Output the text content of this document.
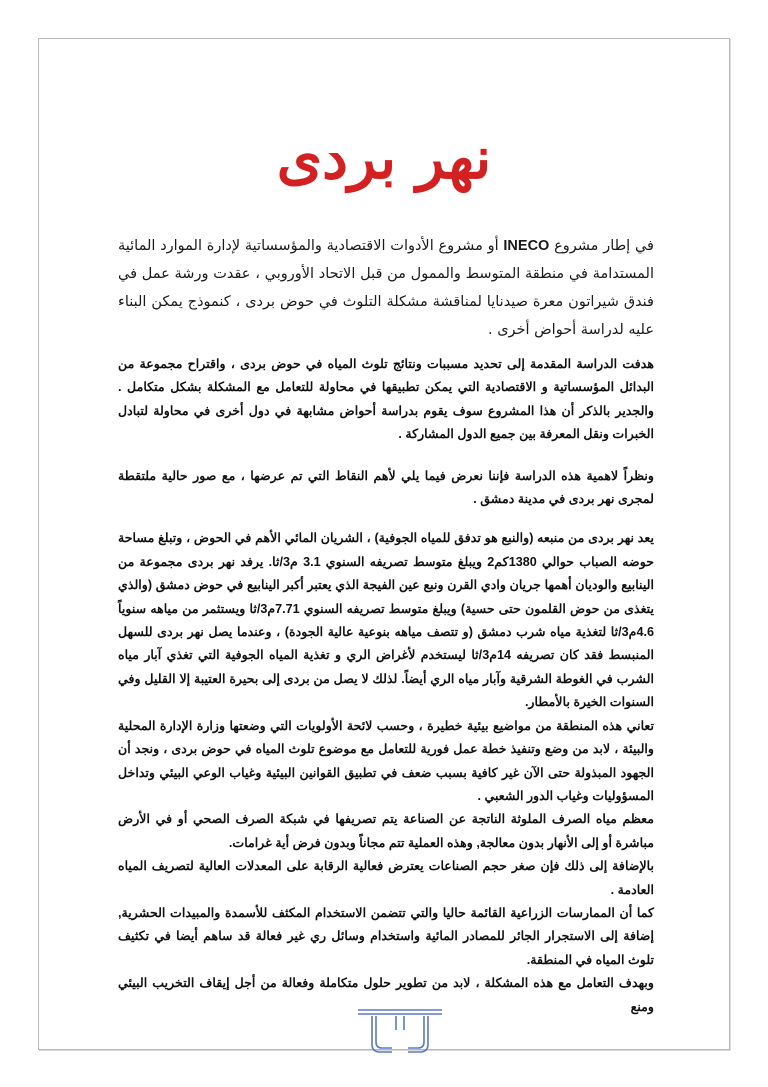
نهر بردى
في إطار مشروع INECO أو مشروع الأدوات الاقتصادية والمؤسساتية لإدارة الموارد المائية المستدامة في منطقة المتوسط والممول من قبل الاتحاد الأوروبي ، عقدت ورشة عمل في فندق شيراتون معرة صيدنايا لمناقشة مشكلة التلوث في حوض بردى ، كنموذج يمكن البناء عليه لدراسة أحواض أخرى .

هدفت الدراسة المقدمة إلى تحديد مسببات ونتائج تلوث المياه في حوض بردى ، واقتراح مجموعة من البدائل المؤسساتية و الاقتصادية التي يمكن تطبيقها في محاولة للتعامل مع المشكلة بشكل متكامل . والجدير بالذكر أن هذا المشروع سوف يقوم بدراسة أحواض مشابهة في دول أخرى في محاولة لتبادل الخبرات ونقل المعرفة بين جميع الدول المشاركة .

ونظراً لاهمية هذه الدراسة فإننا نعرض فيما يلي لأهم النقاط التي تم عرضها ، مع صور حالية ملتقطة لمجرى نهر بردى في مدينة دمشق .

يعد نهر بردى من منبعه (والنبع هو تدفق للمياه الجوفية) ، الشريان المائي الأهم في الحوض ، وتبلغ مساحة حوضه الصباب حوالي 1380كم2 ويبلغ متوسط تصريفه السنوي 3.1 م3/ثا. يرفد نهر بردى مجموعة من الينابيع والوديان أهمها جريان وادي القرن ونبع عين الفيجة الذي يعتبر أكبر الينابيع في حوض دمشق (والذي يتغذى من حوض القلمون حتى حسية) ويبلغ متوسط تصريفه السنوي 7.71م3/ثا ويستثمر من مياهه سنوياً 4.6م3/ثا لتغذية مياه شرب دمشق (و تتصف مياهه بنوعية عالية الجودة) ، وعندما يصل نهر بردى للسهل المنبسط فقد كان تصريفه 14م3/ثا ليستخدم لأغراض الري و تغذية المياه الجوفية التي تغذي آبار مياه الشرب في الغوطة الشرقية وآبار مياه الري أيضاً. لذلك لا يصل من بردى إلى بحيرة العتيبة إلا القليل وفي السنوات الخيرة بالأمطار.

تعاني هذه المنطقة من مواضيع بيئية خطيرة ، وحسب لائحة الأولويات التي وضعتها وزارة الإدارة المحلية والبيئة ، لابد من وضع وتنفيذ خطة عمل فورية للتعامل مع موضوع تلوث المياه في حوض بردى ، ونجد أن الجهود المبذولة حتى الآن غير كافية بسبب ضعف في تطبيق القوانين البيئية وغياب الوعي البيئي وتداخل المسؤوليات وغياب الدور الشعبي .

معظم مياه الصرف الملوثة الناتجة عن الصناعة يتم تصريفها في شبكة الصرف الصحي أو في الأرض مباشرة أو إلى الأنهار بدون معالجة, وهذه العملية تتم مجاناً وبدون فرض أية غرامات.

بالإضافة إلى ذلك فإن صغر حجم الصناعات يعترض فعالية الرقابة على المعدلات العالية لتصريف المياه العادمة .

كما أن الممارسات الزراعية القائمة حاليا والتي تتضمن الاستخدام المكثف للأسمدة والمبيدات الحشرية, إضافة إلى الاستجرار الجائر للمصادر المائية واستخدام وسائل ري غير فعالة قد ساهم أيضا في تكثيف تلوث المياه في المنطقة.

وبهدف التعامل مع هذه المشكلة ، لابد من تطوير حلول متكاملة وفعالة من أجل إيقاف التخريب البيئي ومنع
